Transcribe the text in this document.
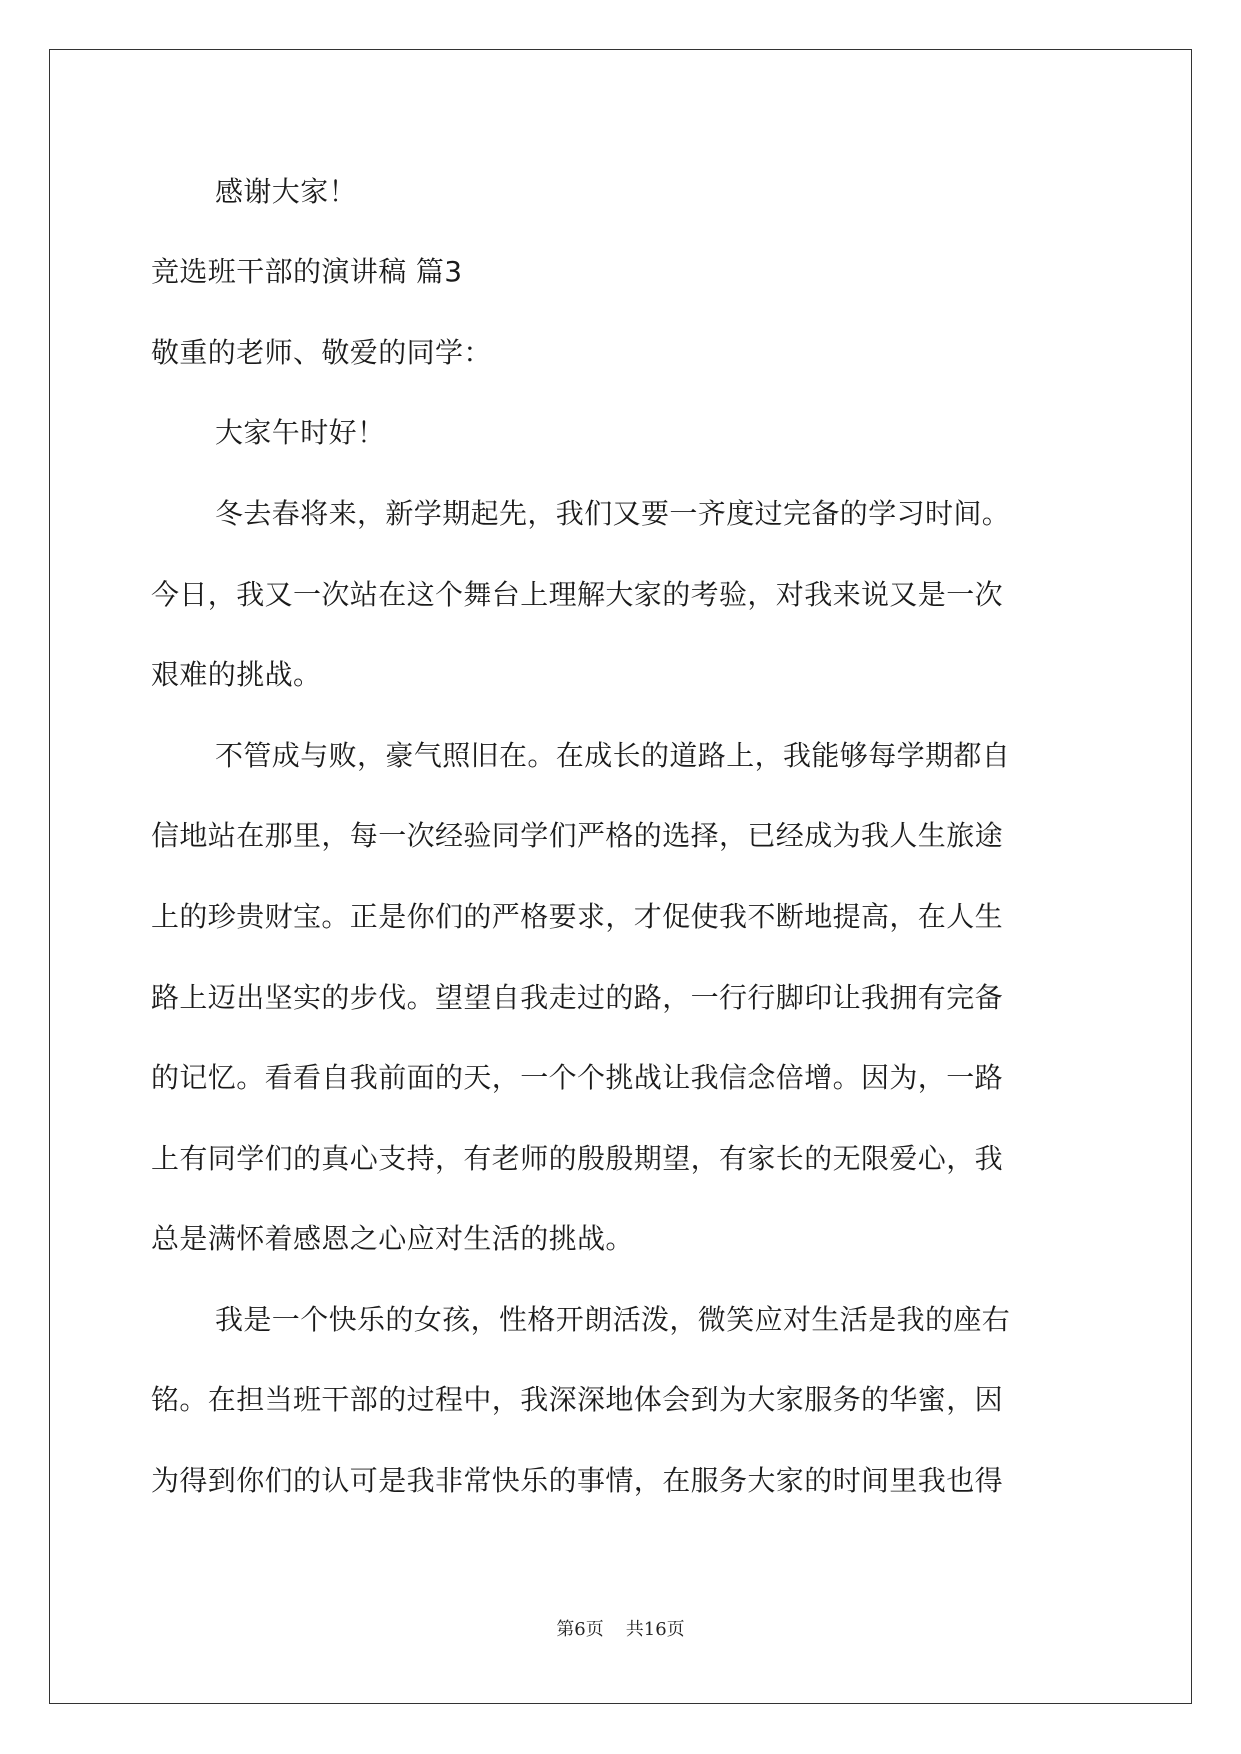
感谢大家！
竞选班干部的演讲稿 篇3
敬重的老师、敬爱的同学：
大家午时好！
冬去春将来，新学期起先，我们又要一齐度过完备的学习时间。
今日，我又一次站在这个舞台上理解大家的考验，对我来说又是一次
艰难的挑战。
不管成与败，豪气照旧在。在成长的道路上，我能够每学期都自
信地站在那里，每一次经验同学们严格的选择，已经成为我人生旅途
上的珍贵财宝。正是你们的严格要求，才促使我不断地提高，在人生
路上迈出坚实的步伐。望望自我走过的路，一行行脚印让我拥有完备
的记忆。看看自我前面的天，一个个挑战让我信念倍增。因为，一路
上有同学们的真心支持，有老师的殷殷期望，有家长的无限爱心，我
总是满怀着感恩之心应对生活的挑战。
我是一个快乐的女孩，性格开朗活泼，微笑应对生活是我的座右
铭。在担当班干部的过程中，我深深地体会到为大家服务的华蜜，因
为得到你们的认可是我非常快乐的事情，在服务大家的时间里我也得
第6页 共16页
